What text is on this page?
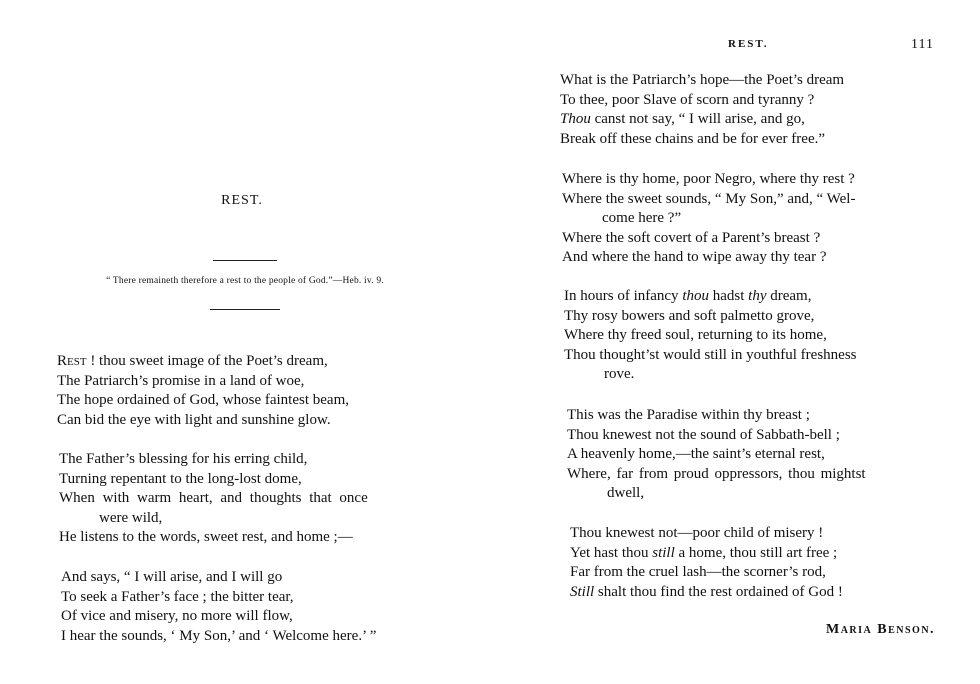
REST.
“ There remaineth therefore a rest to the people of God.”—Heb. iv. 9.
Rest ! thou sweet image of the Poet’s dream,
The Patriarch’s promise in a land of woe,
The hope ordained of God, whose faintest beam,
Can bid the eye with light and sunshine glow.
The Father’s blessing for his erring child,
Turning repentant to the long-lost dome,
When with warm heart, and thoughts that once
were wild,
He listens to the words, sweet rest, and home ;—
And says, “ I will arise, and I will go
To seek a Father’s face ; the bitter tear,
Of vice and misery, no more will flow,
I hear the sounds, ‘ My Son,’ and ‘ Welcome here.’ ”
REST.	111
What is the Patriarch’s hope—the Poet’s dream
To thee, poor Slave of scorn and tyranny ?
Thou canst not say, “ I will arise, and go,
Break off these chains and be for ever free.”
Where is thy home, poor Negro, where thy rest ?
Where the sweet sounds, “ My Son,” and, “ Wel-
come here ?”
Where the soft covert of a Parent’s breast ?
And where the hand to wipe away thy tear ?
In hours of infancy thou hadst thy dream,
Thy rosy bowers and soft palmetto grove,
Where thy freed soul, returning to its home,
Thou thought’st would still in youthful freshness
rove.
This was the Paradise within thy breast ;
Thou knewest not the sound of Sabbath-bell ;
A heavenly home,—the saint’s eternal rest,
Where, far from proud oppressors, thou mightst
dwell,
Thou knewest not—poor child of misery !
Yet hast thou still a home, thou still art free ;
Far from the cruel lash—the scorner’s rod,
Still shalt thou find the rest ordained of God !
Maria Benson.
